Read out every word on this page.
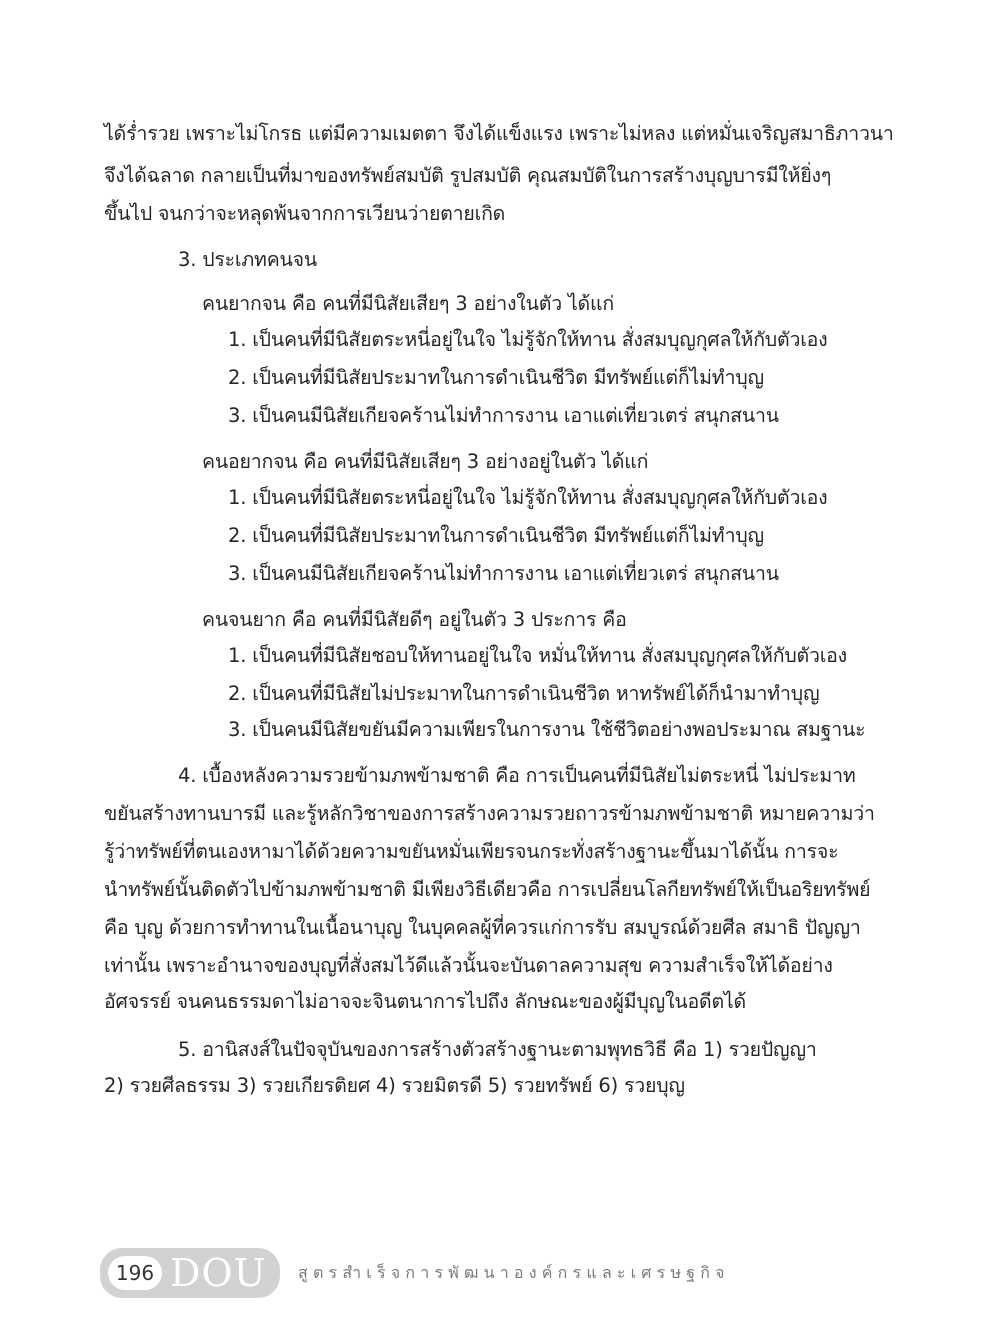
ได้ร่ำรวย เพราะไม่โกรธ แต่มีความเมตตา จึงได้แข็งแรง เพราะไม่หลง แต่หมั่นเจริญสมาธิภาวนา

จึงได้ฉลาด กลายเป็นที่มาของทรัพย์สมบัติ รูปสมบัติ คุณสมบัติในการสร้างบุญบารมีให้ยิ่งๆ

ขึ้นไป จนกว่าจะหลุดพ้นจากการเวียนว่ายตายเกิด

3. ประเภทคนจน

คนยากจน คือ คนที่มีนิสัยเสียๆ 3 อย่างในตัว ได้แก่

1. เป็นคนที่มีนิสัยตระหนี่อยู่ในใจ ไม่รู้จักให้ทาน สั่งสมบุญกุศลให้กับตัวเอง

2. เป็นคนที่มีนิสัยประมาทในการดำเนินชีวิต มีทรัพย์แต่ก็ไม่ทำบุญ

3. เป็นคนมีนิสัยเกียจคร้านไม่ทำการงาน เอาแต่เที่ยวเตร่ สนุกสนาน

คนอยากจน คือ คนที่มีนิสัยเสียๆ 3 อย่างอยู่ในตัว ได้แก่

1. เป็นคนที่มีนิสัยตระหนี่อยู่ในใจ ไม่รู้จักให้ทาน สั่งสมบุญกุศลให้กับตัวเอง

2. เป็นคนที่มีนิสัยประมาทในการดำเนินชีวิต มีทรัพย์แต่ก็ไม่ทำบุญ

3. เป็นคนมีนิสัยเกียจคร้านไม่ทำการงาน เอาแต่เที่ยวเตร่ สนุกสนาน

คนจนยาก คือ คนที่มีนิสัยดีๆ อยู่ในตัว 3 ประการ คือ

1. เป็นคนที่มีนิสัยชอบให้ทานอยู่ในใจ หมั่นให้ทาน สั่งสมบุญกุศลให้กับตัวเอง

2. เป็นคนที่มีนิสัยไม่ประมาทในการดำเนินชีวิต หาทรัพย์ได้ก็นำมาทำบุญ

3. เป็นคนมีนิสัยขยันมีความเพียรในการงาน ใช้ชีวิตอย่างพอประมาณ สมฐานะ

4. เบื้องหลังความรวยข้ามภพข้ามชาติ คือ การเป็นคนที่มีนิสัยไม่ตระหนี่ ไม่ประมาท

ขยันสร้างทานบารมี และรู้หลักวิชาของการสร้างความรวยถาวรข้ามภพข้ามชาติ หมายความว่า

รู้ว่าทรัพย์ที่ตนเองหามาได้ด้วยความขยันหมั่นเพียรจนกระทั่งสร้างฐานะขึ้นมาได้นั้น การจะ

นำทรัพย์นั้นติดตัวไปข้ามภพข้ามชาติ มีเพียงวิธีเดียวคือ การเปลี่ยนโลกียทรัพย์ให้เป็นอริยทรัพย์

คือ บุญ ด้วยการทำทานในเนื้อนาบุญ ในบุคคลผู้ที่ควรแก่การรับ สมบูรณ์ด้วยศีล สมาธิ ปัญญา

เท่านั้น เพราะอำนาจของบุญที่สั่งสมไว้ดีแล้วนั้นจะบันดาลความสุข ความสำเร็จให้ได้อย่าง

อัศจรรย์ จนคนธรรมดาไม่อาจจะจินตนาการไปถึง ลักษณะของผู้มีบุญในอดีตได้

5. อานิสงส์ในปัจจุบันของการสร้างตัวสร้างฐานะตามพุทธวิธี คือ 1) รวยปัญญา

2) รวยศีลธรรม 3) รวยเกียรติยศ 4) รวยมิตรดี 5) รวยทรัพย์ 6) รวยบุญ

196 DOU	สูตรสำเร็จการพัฒนาองค์กรและเศรษฐกิจ
